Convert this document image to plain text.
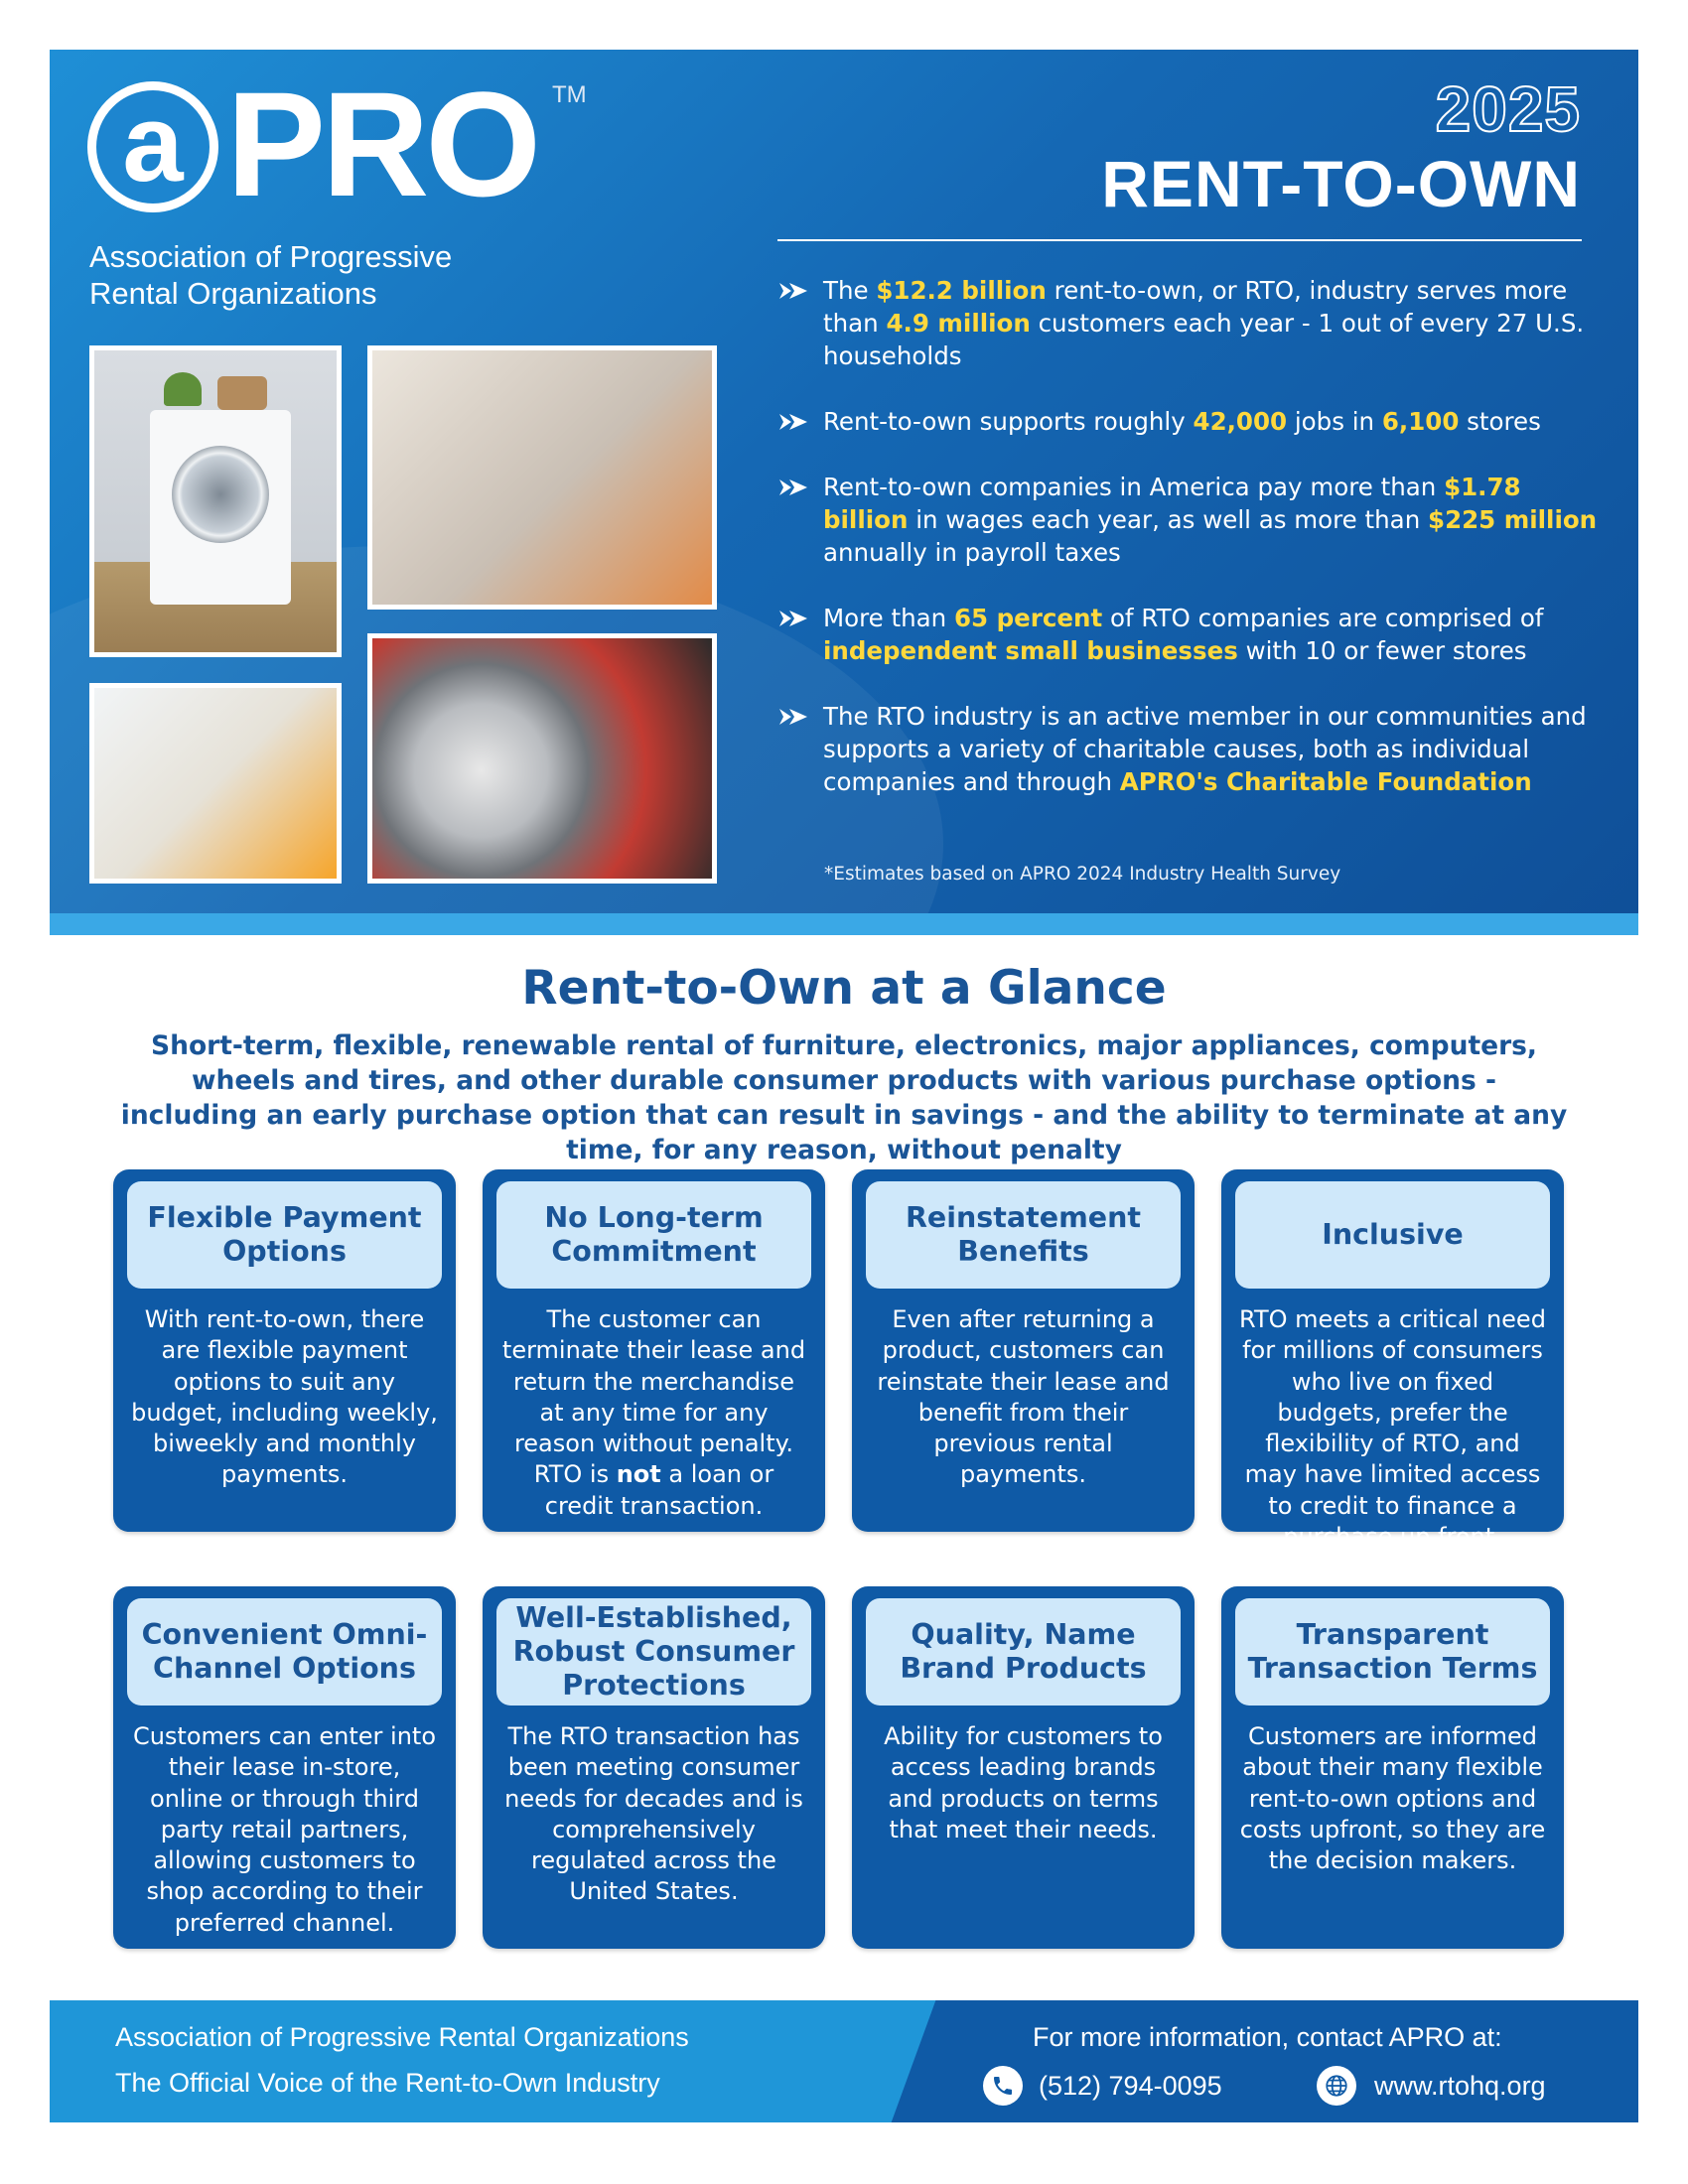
a PRO TM
Association of Progressive Rental Organizations
2025
RENT-TO-OWN
The $12.2 billion rent-to-own, or RTO, industry serves more than 4.9 million customers each year - 1 out of every 27 U.S. households
Rent-to-own supports roughly 42,000 jobs in 6,100 stores
Rent-to-own companies in America pay more than $1.78 billion in wages each year, as well as more than $225 million annually in payroll taxes
More than 65 percent of RTO companies are comprised of independent small businesses with 10 or fewer stores
The RTO industry is an active member in our communities and supports a variety of charitable causes, both as individual companies and through APRO's Charitable Foundation
*Estimates based on APRO 2024 Industry Health Survey
Rent-to-Own at a Glance
Short-term, flexible, renewable rental of furniture, electronics, major appliances, computers, wheels and tires, and other durable consumer products with various purchase options - including an early purchase option that can result in savings - and the ability to terminate at any time, for any reason, without penalty
Flexible Payment Options
With rent-to-own, there are flexible payment options to suit any budget, including weekly, biweekly and monthly payments.
No Long-term Commitment
The customer can terminate their lease and return the merchandise at any time for any reason without penalty. RTO is not a loan or credit transaction.
Reinstatement Benefits
Even after returning a product, customers can reinstate their lease and benefit from their previous rental payments.
Inclusive
RTO meets a critical need for millions of consumers who live on fixed budgets, prefer the flexibility of RTO, and may have limited access to credit to finance a purchase up front.
Convenient Omni-Channel Options
Customers can enter into their lease in-store, online or through third party retail partners, allowing customers to shop according to their preferred channel.
Well-Established, Robust Consumer Protections
The RTO transaction has been meeting consumer needs for decades and is comprehensively regulated across the United States.
Quality, Name Brand Products
Ability for customers to access leading brands and products on terms that meet their needs.
Transparent Transaction Terms
Customers are informed about their many flexible rent-to-own options and costs upfront, so they are the decision makers.
Association of Progressive Rental Organizations
The Official Voice of the Rent-to-Own Industry
For more information, contact APRO at:
(512) 794-0095	www.rtohq.org
